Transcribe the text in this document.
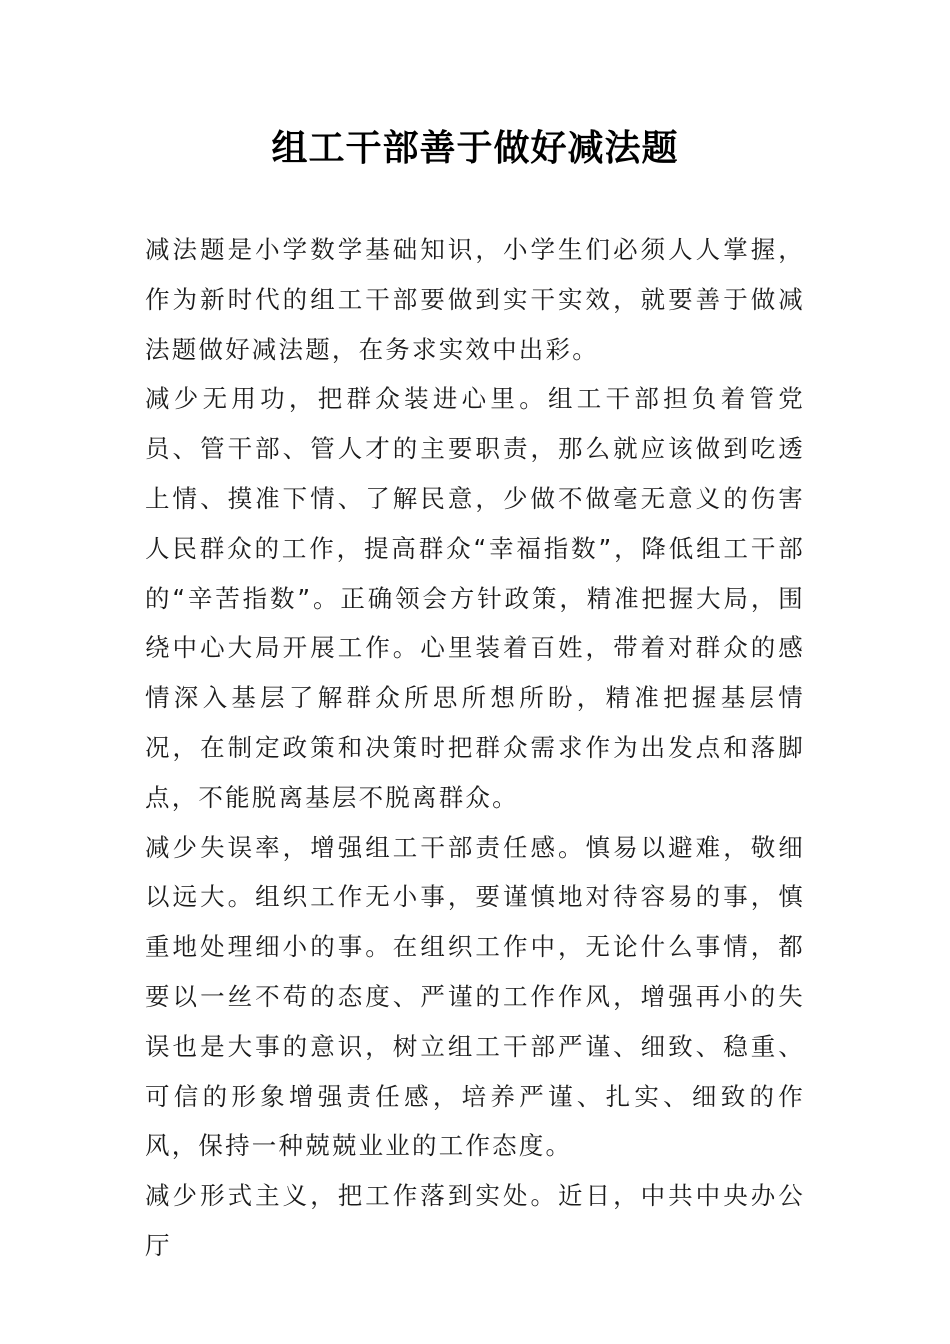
组工干部善于做好减法题

减法题是小学数学基础知识，小学生们必须人人掌握，作为新时代的组工干部要做到实干实效，就要善于做减法题做好减法题，在务求实效中出彩。

减少无用功，把群众装进心里。组工干部担负着管党员、管干部、管人才的主要职责，那么就应该做到吃透上情、摸准下情、了解民意，少做不做毫无意义的伤害人民群众的工作，提高群众“幸福指数”，降低组工干部的“辛苦指数”。正确领会方针政策，精准把握大局，围绕中心大局开展工作。心里装着百姓，带着对群众的感情深入基层了解群众所思所想所盼，精准把握基层情况，在制定政策和决策时把群众需求作为出发点和落脚点，不能脱离基层不脱离群众。

减少失误率，增强组工干部责任感。慎易以避难，敬细以远大。组织工作无小事，要谨慎地对待容易的事，慎重地处理细小的事。在组织工作中，无论什么事情，都要以一丝不苟的态度、严谨的工作作风，增强再小的失误也是大事的意识，树立组工干部严谨、细致、稳重、可信的形象增强责任感，培养严谨、扎实、细致的作风，保持一种兢兢业业的工作态度。

减少形式主义，把工作落到实处。近日，中共中央办公厅
